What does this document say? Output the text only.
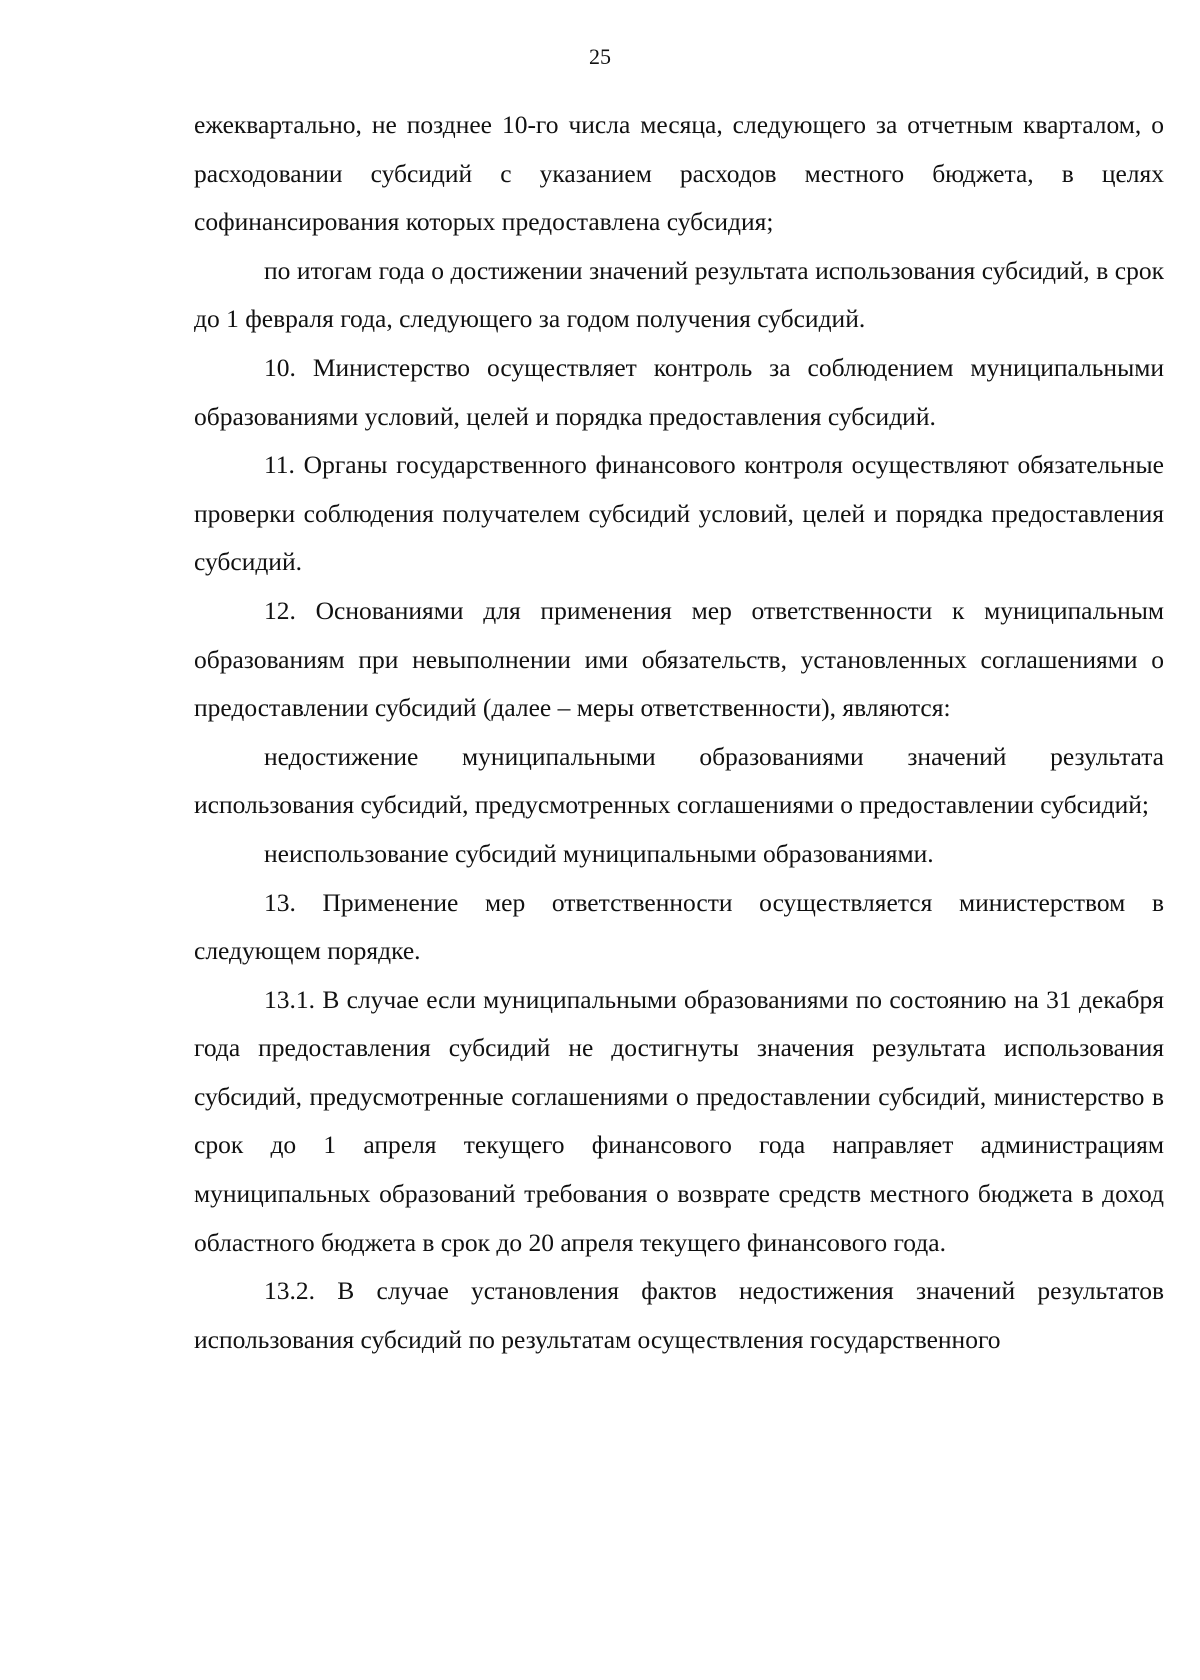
25

ежеквартально, не позднее 10-го числа месяца, следующего за отчетным кварталом, о расходовании субсидий с указанием расходов местного бюджета, в целях софинансирования которых предоставлена субсидия;

по итогам года о достижении значений результата использования субсидий, в срок до 1 февраля года, следующего за годом получения субсидий.

10. Министерство осуществляет контроль за соблюдением муниципальными образованиями условий, целей и порядка предоставления субсидий.

11. Органы государственного финансового контроля осуществляют обязательные проверки соблюдения получателем субсидий условий, целей и порядка предоставления субсидий.

12. Основаниями для применения мер ответственности к муниципальным образованиям при невыполнении ими обязательств, установленных соглашениями о предоставлении субсидий (далее – меры ответственности), являются:

недостижение муниципальными образованиями значений результата использования субсидий, предусмотренных соглашениями о предоставлении субсидий;

неиспользование субсидий муниципальными образованиями.

13. Применение мер ответственности осуществляется министерством в следующем порядке.

13.1. В случае если муниципальными образованиями по состоянию на 31 декабря года предоставления субсидий не достигнуты значения результата использования субсидий, предусмотренные соглашениями о предоставлении субсидий, министерство в срок до 1 апреля текущего финансового года направляет администрациям муниципальных образований требования о возврате средств местного бюджета в доход областного бюджета в срок до 20 апреля текущего финансового года.

13.2. В случае установления фактов недостижения значений результатов использования субсидий по результатам осуществления государственного
